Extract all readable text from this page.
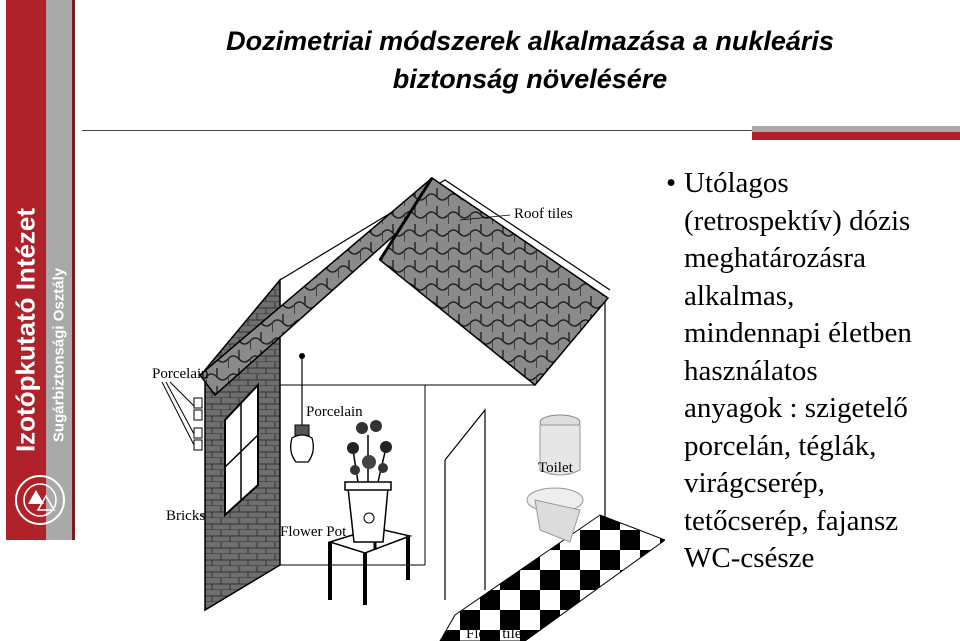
Izotópkutató Intézet Sugárbiztonsági Osztály
Dozimetriai módszerek alkalmazása a nukleáris
biztonság növelésére
Roof tiles
Porcelain
Porcelain
Bricks
Flower Pot
Toilet
Floor tiles
• Utólagos
(retrospektív) dózis
meghatározásra
alkalmas,
mindennapi életben
használatos
anyagok : szigetelő
porcelán, téglák,
virágcserép,
tetőcserép, fajansz
WC-csésze
